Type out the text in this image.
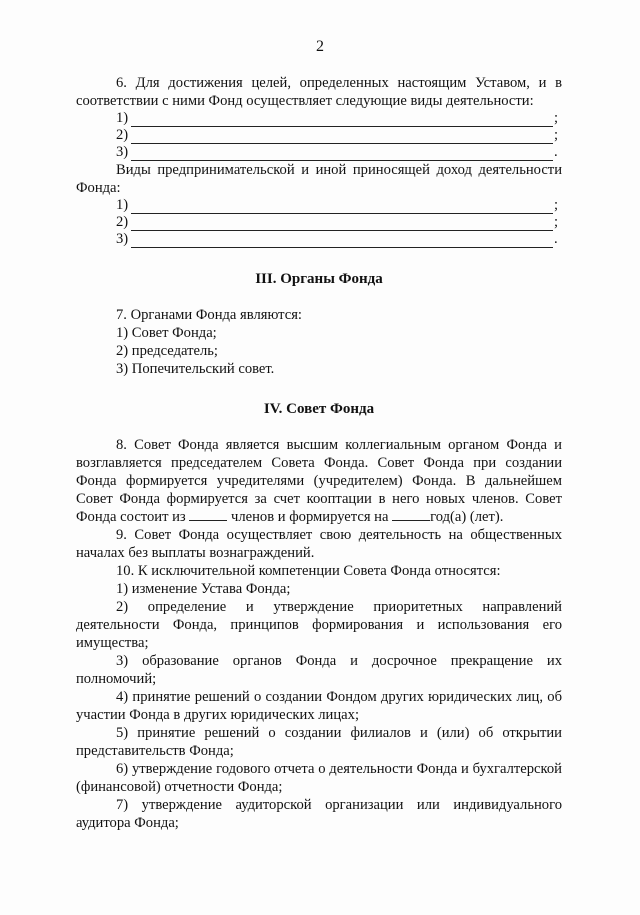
2

6. Для достижения целей, определенных настоящим Уставом, и в соответствии с ними Фонд осуществляет следующие виды деятельности:

1)	;
2)	;
3)	.

Виды предпринимательской и иной приносящей доход деятельности Фонда:

1)	;
2)	;
3)	.
III. Органы Фонда

7. Органами Фонда являются:

1) Совет Фонда;

2) председатель;

3) Попечительский совет.

IV. Совет Фонда

8. Совет Фонда является высшим коллегиальным органом Фонда и возглавляется председателем Совета Фонда. Совет Фонда при создании Фонда формируется учредителями (учредителем) Фонда. В дальнейшем Совет Фонда формируется за счет кооптации в него новых членов. Совет Фонда состоит из	членов и формируется на	год(а) (лет).

9. Совет Фонда осуществляет свою деятельность на общественных началах без выплаты вознаграждений.

10. К исключительной компетенции Совета Фонда относятся:

1) изменение Устава Фонда;

2) определение и утверждение приоритетных направлений деятельности Фонда, принципов формирования и использования его имущества;

3) образование органов Фонда и досрочное прекращение их полномочий;

4) принятие решений о создании Фондом других юридических лиц, об участии Фонда в других юридических лицах;

5) принятие решений о создании филиалов и (или) об открытии представительств Фонда;

6) утверждение годового отчета о деятельности Фонда и бухгалтерской (финансовой) отчетности Фонда;

7) утверждение аудиторской организации или индивидуального аудитора Фонда;
